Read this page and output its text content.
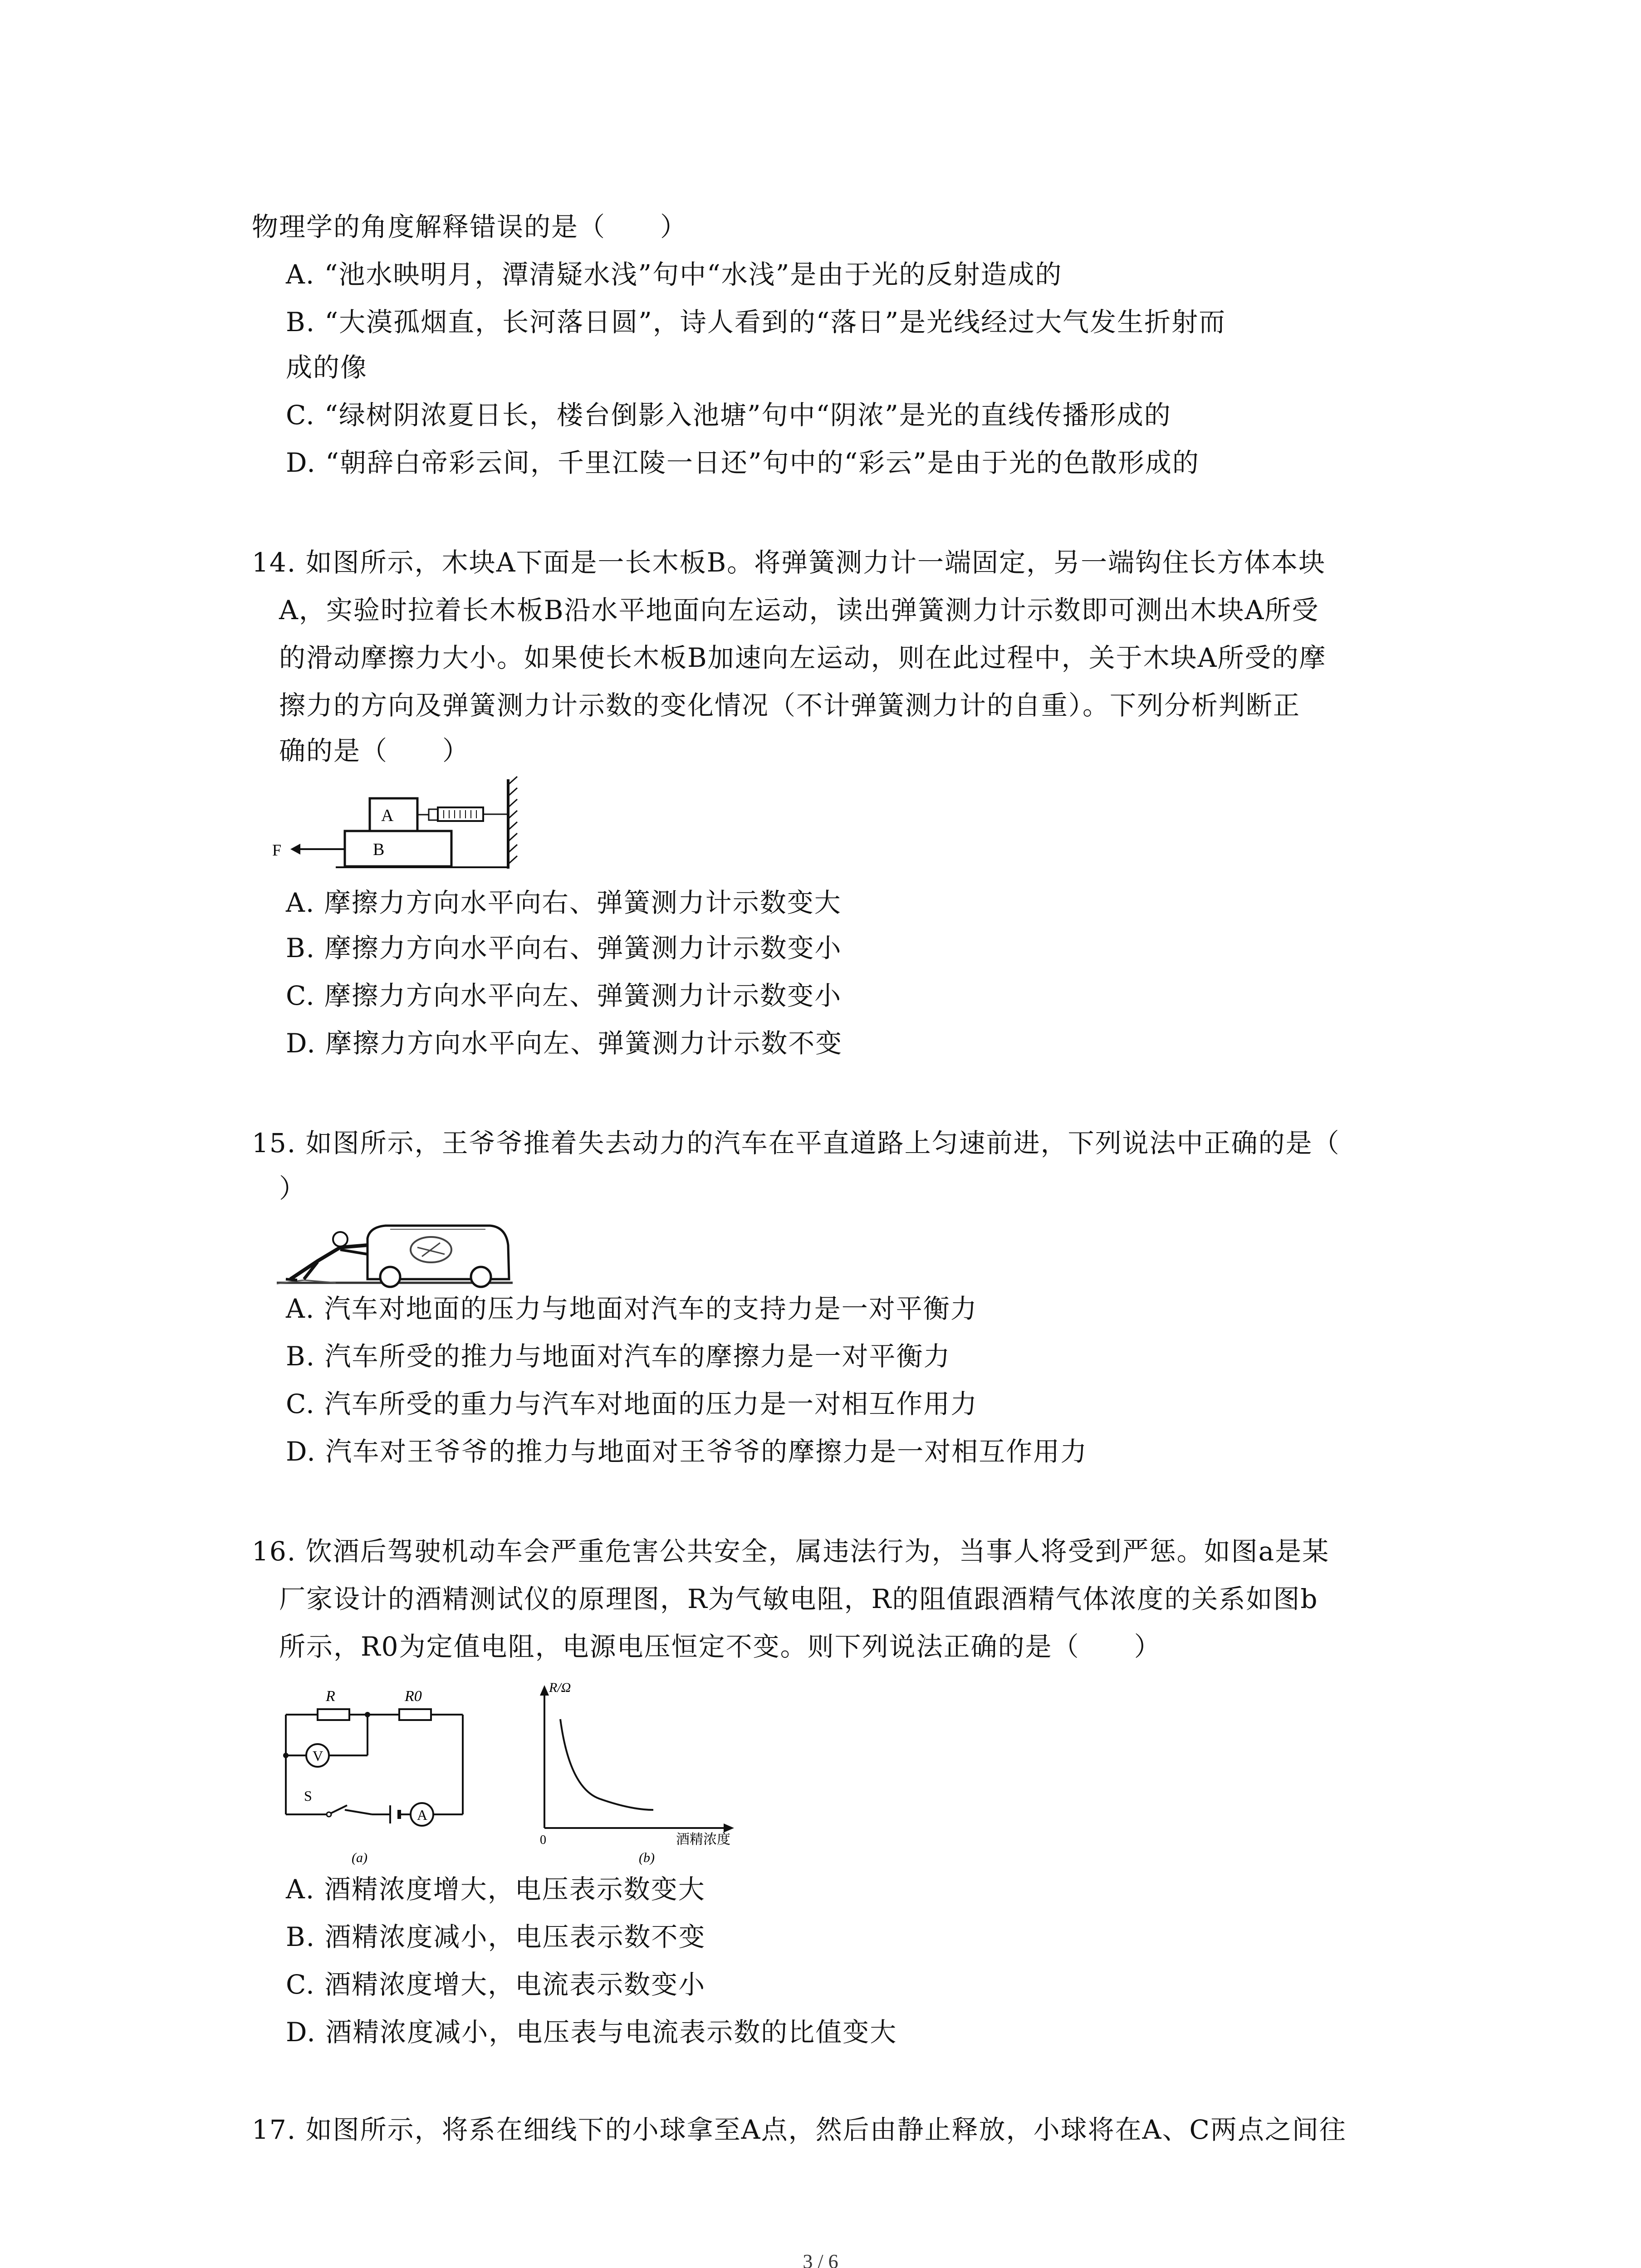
物理学的角度解释错误的是（　　）
A. “池水映明月，潭清疑水浅”句中“水浅”是由于光的反射造成的
B. “大漠孤烟直，长河落日圆”，诗人看到的“落日”是光线经过大气发生折射而
成的像
C. “绿树阴浓夏日长，楼台倒影入池塘”句中“阴浓”是光的直线传播形成的
D. “朝辞白帝彩云间，千里江陵一日还”句中的“彩云”是由于光的色散形成的
14. 如图所示，木块A下面是一长木板B。将弹簧测力计一端固定，另一端钩住长方体本块
A，实验时拉着长木板B沿水平地面向左运动，读出弹簧测力计示数即可测出木块A所受
的滑动摩擦力大小。如果使长木板B加速向左运动，则在此过程中，关于木块A所受的摩
擦力的方向及弹簧测力计示数的变化情况（不计弹簧测力计的自重）。下列分析判断正
确的是（　　）
B
A
F
A. 摩擦力方向水平向右、弹簧测力计示数变大
B. 摩擦力方向水平向右、弹簧测力计示数变小
C. 摩擦力方向水平向左、弹簧测力计示数变小
D. 摩擦力方向水平向左、弹簧测力计示数不变
15. 如图所示，王爷爷推着失去动力的汽车在平直道路上匀速前进，下列说法中正确的是（
）
A. 汽车对地面的压力与地面对汽车的支持力是一对平衡力
B. 汽车所受的推力与地面对汽车的摩擦力是一对平衡力
C. 汽车所受的重力与汽车对地面的压力是一对相互作用力
D. 汽车对王爷爷的推力与地面对王爷爷的摩擦力是一对相互作用力
16. 饮酒后驾驶机动车会严重危害公共安全，属违法行为，当事人将受到严惩。如图a是某
厂家设计的酒精测试仪的原理图，R为气敏电阻，R的阻值跟酒精气体浓度的关系如图b
所示，R0为定值电阻，电源电压恒定不变。则下列说法正确的是（　　）
R	R0
V
S
A
(a)
R/Ω
酒精浓度
0
(b)
A. 酒精浓度增大，电压表示数变大
B. 酒精浓度减小，电压表示数不变
C. 酒精浓度增大，电流表示数变小
D. 酒精浓度减小，电压表与电流表示数的比值变大
17. 如图所示，将系在细线下的小球拿至A点，然后由静止释放，小球将在A、C两点之间往
3 / 6
